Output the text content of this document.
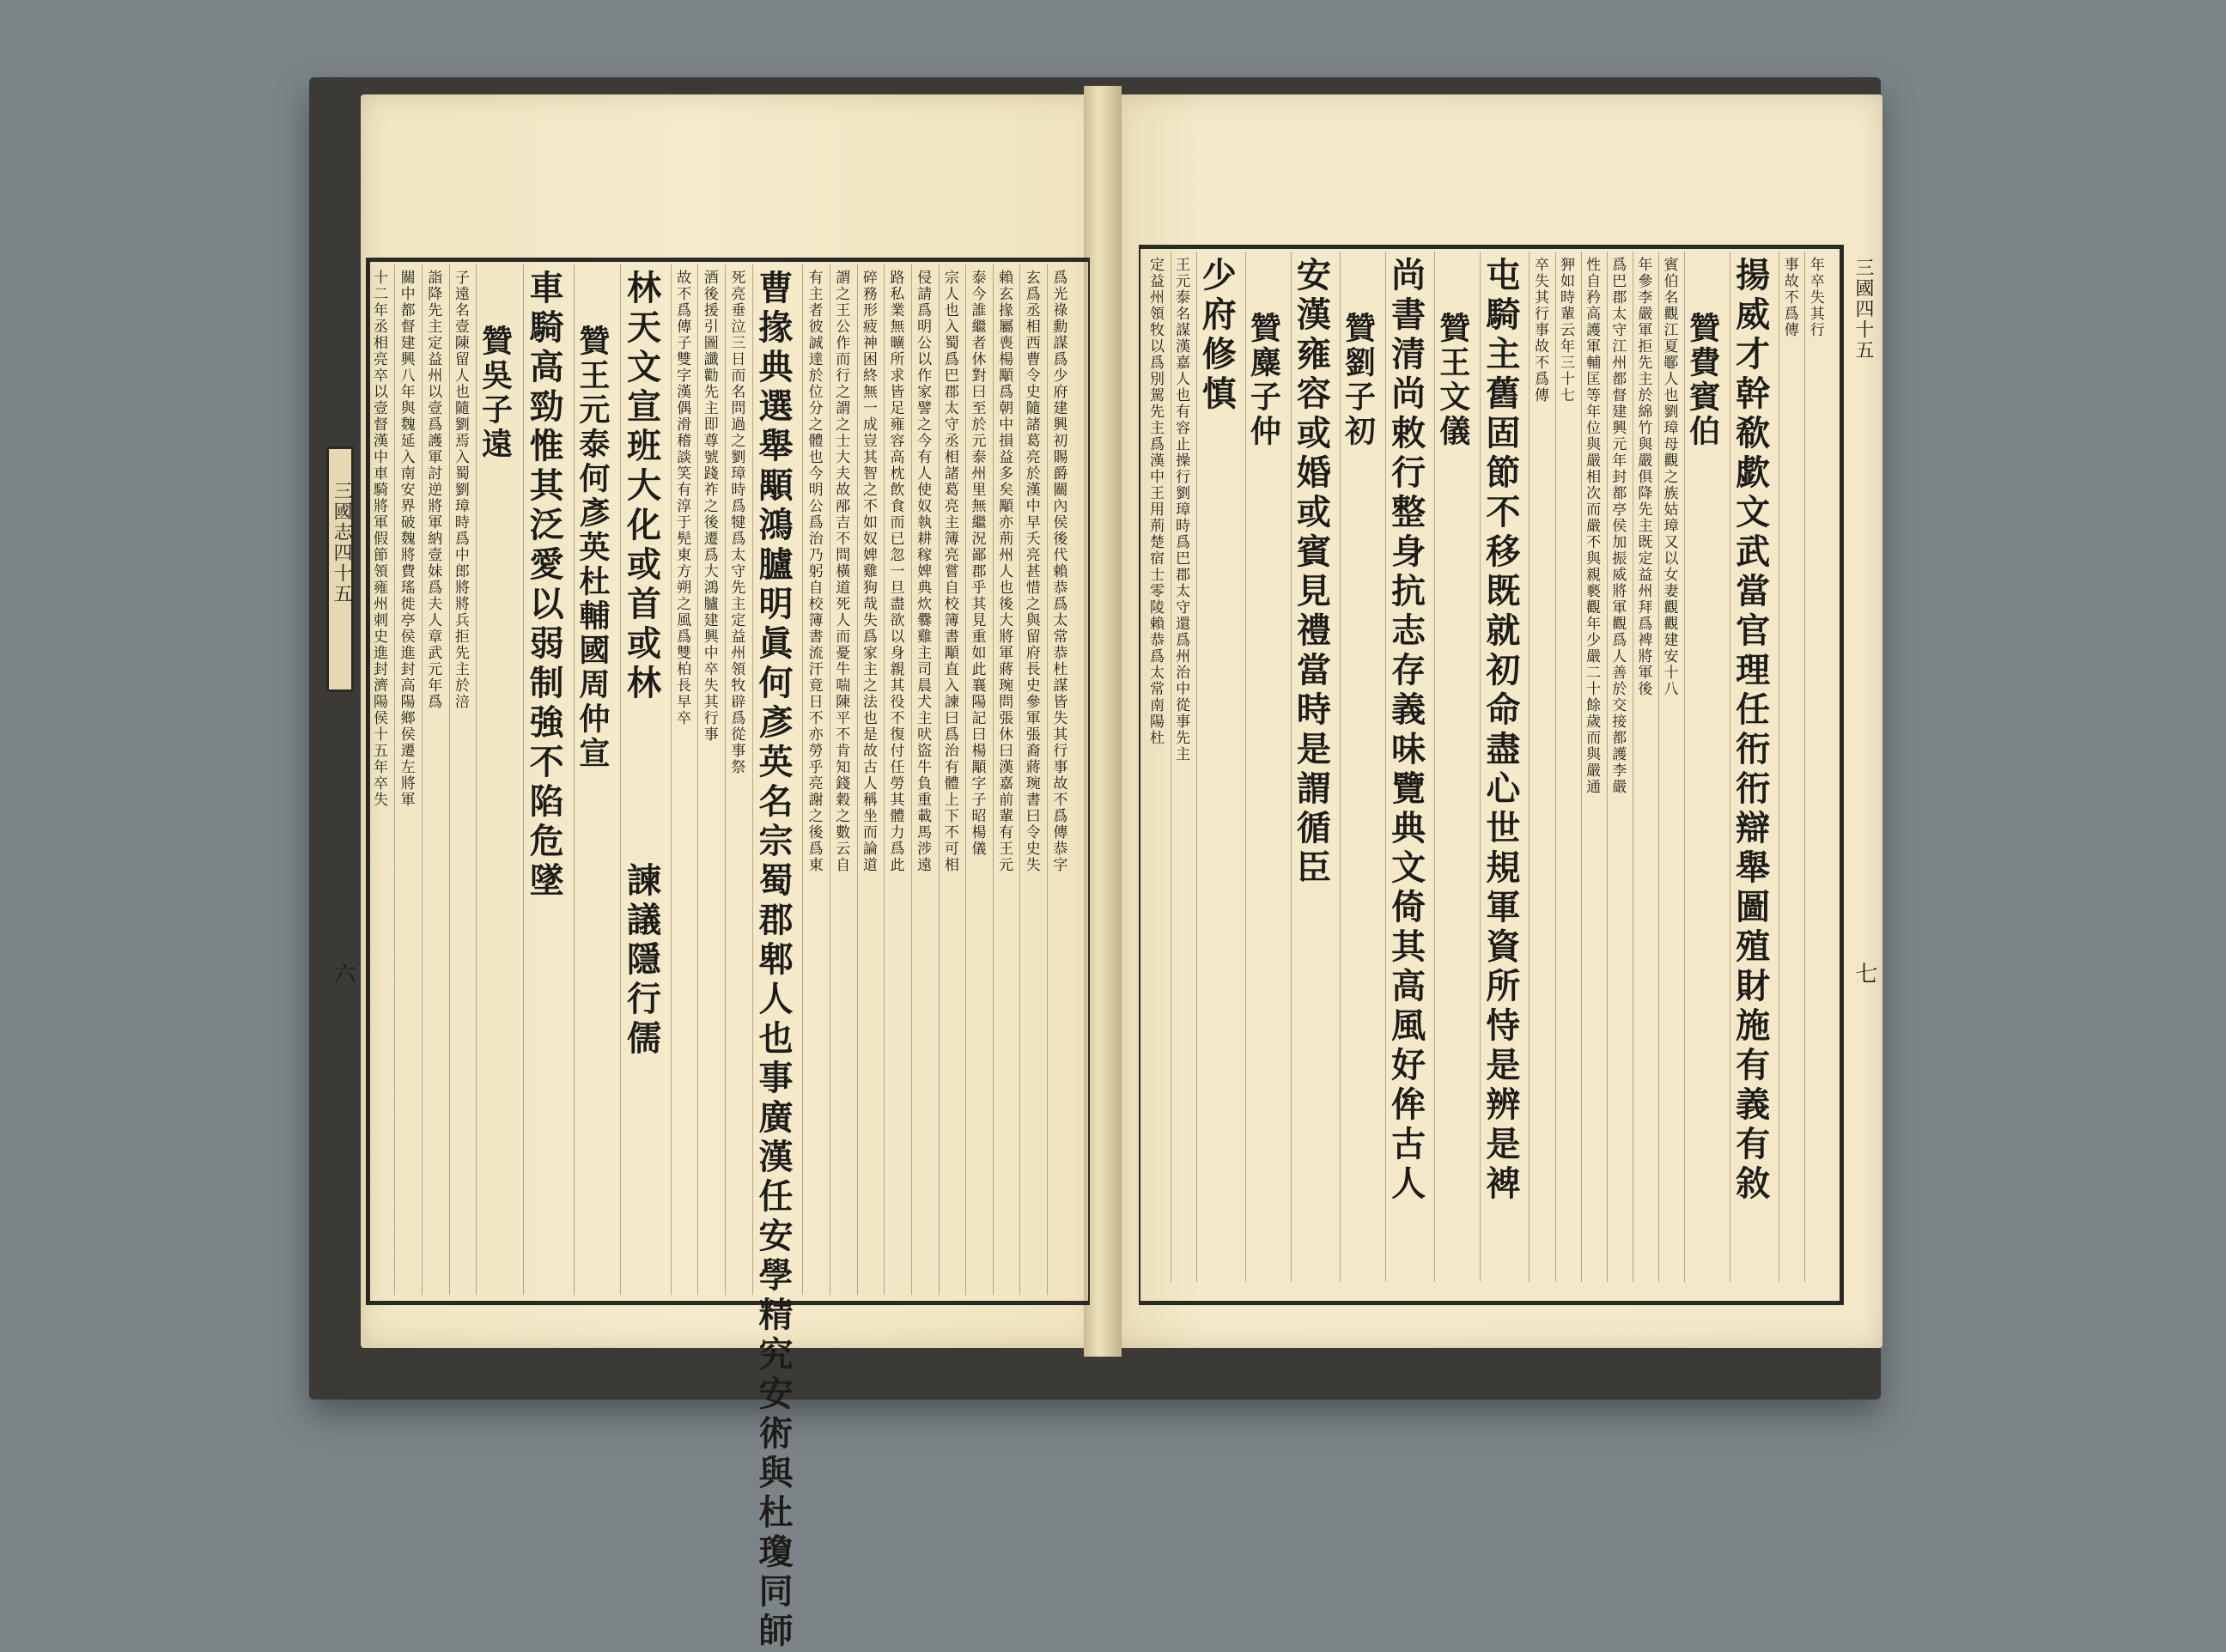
三國志四十五
六
三國四十五
七
爲光祿勳謀爲少府建興初賜爵關內侯後代賴恭爲太常恭杜謀皆失其行事故不爲傳恭字
玄爲丞相西曹令史隨諸葛亮於漢中早夭亮甚惜之與留府長史參軍張裔蔣琬書曰令史失
賴玄掾屬喪楊顒爲朝中損益多矣顒亦荊州人也後大將軍蔣琬問張休曰漢嘉前輩有王元
泰今誰繼者休對曰至於元泰州里無繼況鄙郡乎其見重如此襄陽記曰楊顒字子昭楊儀
宗人也入蜀爲巴郡太守丞相諸葛亮主簿亮嘗自校簿書顒直入諫曰爲治有體上下不可相
侵請爲明公以作家譬之今有人使奴執耕稼婢典炊爨雞主司晨犬主吠盜牛負重載馬涉遠
路私業無曠所求皆足雍容高枕飲食而已忽一旦盡欲以身親其役不復付任勞其體力爲此
碎務形疲神困終無一成豈其智之不如奴婢雞狗哉失爲家主之法也是故古人稱坐而論道
謂之王公作而行之謂之士大夫故邴吉不問橫道死人而憂牛喘陳平不肯知錢穀之數云自
有主者彼誠達於位分之體也今明公爲治乃躬自校簿書流汗竟日不亦勞乎亮謝之後爲東
曹掾典選舉顒鴻臚明眞何彥英名宗蜀郡郫人也事廣漢任安學精究安術與杜瓊同師
死亮垂泣三日而名問過之劉璋時爲犍爲太守先主定益州領牧辟爲從事祭
酒後援引圖讖勸先主即尊號踐祚之後遷爲大鴻臚建興中卒失其行事
故不爲傳子雙字漢偶滑稽談笑有淳于髡東方朔之風爲雙柏長早卒
林天文宣班大化或首或林　　　　諫議隱行儒
贊王元泰何彥英杜輔國周仲宣
車騎高勁惟其泛愛以弱制強不陷危墜
贊吳子遠
子遠名壹陳留人也隨劉焉入蜀劉璋時爲中郎將將兵拒先主於涪
詣降先主定益州以壹爲護軍討逆將軍納壹妹爲夫人章武元年爲
關中都督建興八年與魏延入南安界破魏將費瑤徙亭侯進封高陽鄉侯遷左將軍
十二年丞相亮卒以壹督漢中車騎將軍假節領雍州刺史進封濟陽侯十五年卒失	年卒失其行
事故不爲傳
揚威才幹欷歔文武當官理任衎衎辯舉圖殖財施有義有敘
贊費賓伯
賓伯名觀江夏鄳人也劉璋母觀之族姑璋又以女妻觀觀建安十八
年參李嚴軍拒先主於綿竹與嚴俱降先主既定益州拜爲裨將軍後
爲巴郡太守江州都督建興元年封都亭侯加振威將軍觀爲人善於交接都護李嚴
性自矜高護軍輔匡等年位與嚴相次而嚴不與親褻觀年少嚴二十餘歲而與嚴通
狎如時輩云年三十七
卒失其行事故不爲傳
屯騎主舊固節不移既就初命盡心世規軍資所恃是辨是裨
贊王文儀
尚書清尚敕行整身抗志存義味覽典文倚其高風好侔古人
贊劉子初
安漢雍容或婚或賓見禮當時是謂循臣
贊麋子仲
少府修慎
王元泰名謀漢嘉人也有容止操行劉璋時爲巴郡太守還爲州治中從事先主
定益州領牧以爲別駕先主爲漢中王用荊楚宿士零陵賴恭爲太常南陽杜
